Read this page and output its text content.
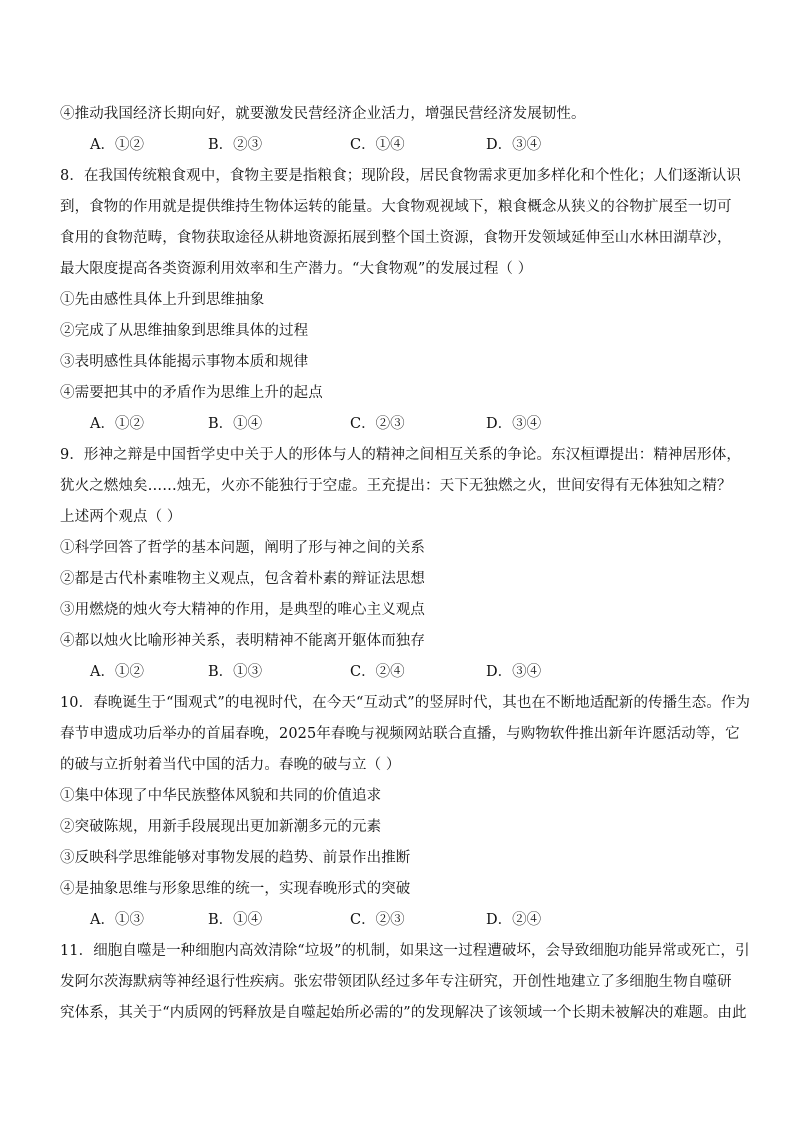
④推动我国经济长期向好，就要激发民营经济企业活力，增强民营经济发展韧性。
A．①②	B．②③	C．①④	D．③④
8．在我国传统粮食观中，食物主要是指粮食；现阶段，居民食物需求更加多样化和个性化；人们逐渐认识
到，食物的作用就是提供维持生物体运转的能量。大食物观视域下，粮食概念从狭义的谷物扩展至一切可
食用的食物范畴，食物获取途径从耕地资源拓展到整个国土资源，食物开发领域延伸至山水林田湖草沙，
最大限度提高各类资源利用效率和生产潜力。“大食物观”的发展过程（ ）
①先由感性具体上升到思维抽象
②完成了从思维抽象到思维具体的过程
③表明感性具体能揭示事物本质和规律
④需要把其中的矛盾作为思维上升的起点
A．①②	B．①④	C．②③	D．③④
9．形神之辩是中国哲学史中关于人的形体与人的精神之间相互关系的争论。东汉桓谭提出：精神居形体，
犹火之燃烛矣……烛无，火亦不能独行于空虚。王充提出：天下无独燃之火，世间安得有无体独知之精？
上述两个观点（ ）
①科学回答了哲学的基本问题，阐明了形与神之间的关系
②都是古代朴素唯物主义观点，包含着朴素的辩证法思想
③用燃烧的烛火夸大精神的作用，是典型的唯心主义观点
④都以烛火比喻形神关系，表明精神不能离开躯体而独存
A．①②	B．①③	C．②④	D．③④
10．春晚诞生于“围观式”的电视时代，在今天“互动式”的竖屏时代，其也在不断地适配新的传播生态。作为
春节申遗成功后举办的首届春晚，2025年春晚与视频网站联合直播，与购物软件推出新年许愿活动等，它
的破与立折射着当代中国的活力。春晚的破与立（ ）
①集中体现了中华民族整体风貌和共同的价值追求
②突破陈规，用新手段展现出更加新潮多元的元素
③反映科学思维能够对事物发展的趋势、前景作出推断
④是抽象思维与形象思维的统一，实现春晚形式的突破
A．①③	B．①④	C．②③	D．②④
11．细胞自噬是一种细胞内高效清除“垃圾”的机制，如果这一过程遭破坏，会导致细胞功能异常或死亡，引
发阿尔茨海默病等神经退行性疾病。张宏带领团队经过多年专注研究，开创性地建立了多细胞生物自噬研
究体系，其关于“内质网的钙释放是自噬起始所必需的”的发现解决了该领域一个长期未被解决的难题。由此
